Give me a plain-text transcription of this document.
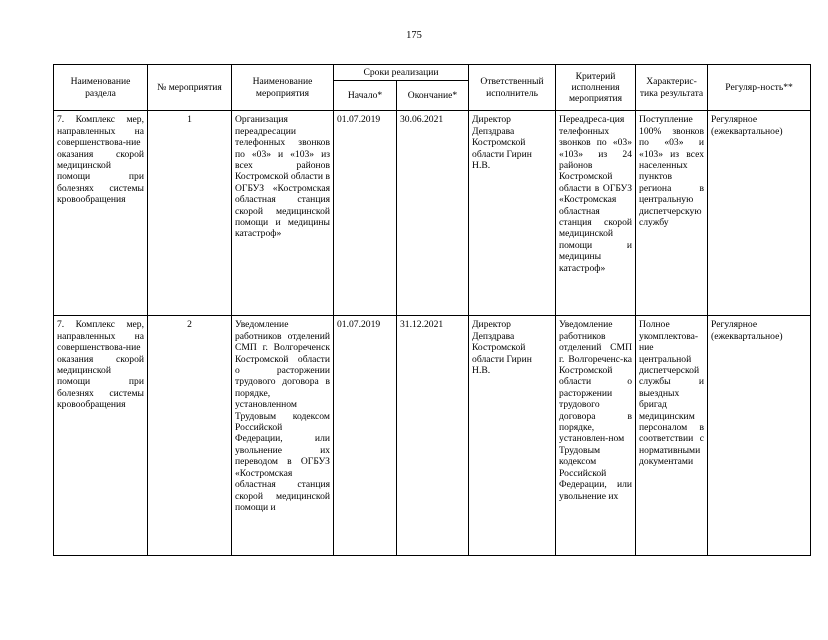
175
Наименование раздела	№ мероприятия	Наименование мероприятия	Сроки реализации		Ответственный исполнитель	Критерий исполнения мероприятия	Характерис-тика результата	Регуляр-ность**
			Начало*	Окончание*				
7. Комплекс мер, направленных на совершенствова-ние оказания скорой медицинской помощи при болезнях системы кровообращения	1	Организация переадресации телефонных звонков по «03» и «103» из всех районов Костромской области в ОГБУЗ «Костромская областная станция скорой медицинской помощи и медицины катастроф»	01.07.2019	30.06.2021	Директор Депздрава Костромской области Гирин Н.В.	Переадреса-ция телефонных звонков по «03» «103» из 24 районов Костромской области в ОГБУЗ «Костромская областная станция скорой медицинской помощи и медицины катастроф»	Поступление 100% звонков по «03» и «103» из всех населенных пунктов региона в центральную диспетчерскую службу	Регулярное (ежеквартальное)
7. Комплекс мер, направленных на совершенствова-ние оказания скорой медицинской помощи при болезнях системы кровообращения	2	Уведомление работников отделений СМП г. Волгореченск Костромской области о расторжении трудового договора в порядке, установленном Трудовым кодексом Российской Федерации, или увольнение их переводом в ОГБУЗ «Костромская областная станция скорой медицинской помощи и	01.07.2019	31.12.2021	Директор Депздрава Костромской области Гирин Н.В.	Уведомление работников отделений СМП г. Волгореченс-ка Костромской области о расторжении трудового договора в порядке, установлен-ном Трудовым кодексом Российской Федерации, или увольнение их	Полное укомплектова-ние центральной диспетчерской службы и выездных бригад медицинским персоналом в соответствии с нормативными документами	Регулярное (ежеквартальное)
